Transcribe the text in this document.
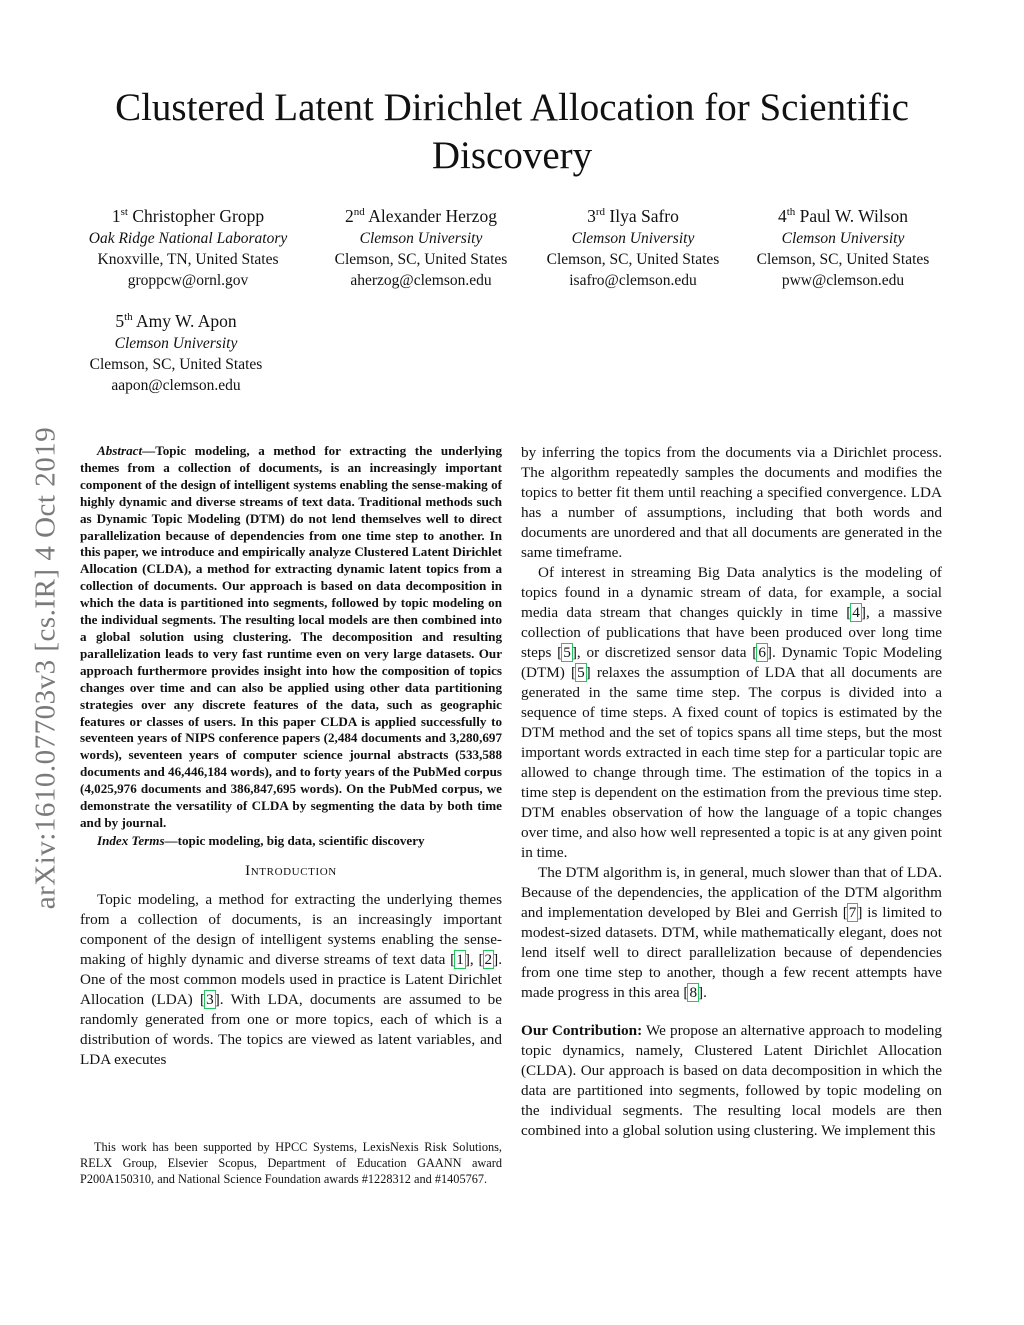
arXiv:1610.07703v3 [cs.IR] 4 Oct 2019
Clustered Latent Dirichlet Allocation for Scientific Discovery
1st Christopher Gropp
Oak Ridge National Laboratory
Knoxville, TN, United States
groppcw@ornl.gov
2nd Alexander Herzog
Clemson University
Clemson, SC, United States
aherzog@clemson.edu
3rd Ilya Safro
Clemson University
Clemson, SC, United States
isafro@clemson.edu
4th Paul W. Wilson
Clemson University
Clemson, SC, United States
pww@clemson.edu
5th Amy W. Apon
Clemson University
Clemson, SC, United States
aapon@clemson.edu

Abstract—Topic modeling, a method for extracting the underlying themes from a collection of documents, is an increasingly important component of the design of intelligent systems enabling the sense-making of highly dynamic and diverse streams of text data. Traditional methods such as Dynamic Topic Modeling (DTM) do not lend themselves well to direct parallelization because of dependencies from one time step to another. In this paper, we introduce and empirically analyze Clustered Latent Dirichlet Allocation (CLDA), a method for extracting dynamic latent topics from a collection of documents. Our approach is based on data decomposition in which the data is partitioned into segments, followed by topic modeling on the individual segments. The resulting local models are then combined into a global solution using clustering. The decomposition and resulting parallelization leads to very fast runtime even on very large datasets. Our approach furthermore provides insight into how the composition of topics changes over time and can also be applied using other data partitioning strategies over any discrete features of the data, such as geographic features or classes of users. In this paper CLDA is applied successfully to seventeen years of NIPS conference papers (2,484 documents and 3,280,697 words), seventeen years of computer science journal abstracts (533,588 documents and 46,446,184 words), and to forty years of the PubMed corpus (4,025,976 documents and 386,847,695 words). On the PubMed corpus, we demonstrate the versatility of CLDA by segmenting the data by both time and by journal.

Index Terms—topic modeling, big data, scientific discovery

Introduction

Topic modeling, a method for extracting the underlying themes from a collection of documents, is an increasingly important component of the design of intelligent systems enabling the sense-making of highly dynamic and diverse streams of text data [1], [2]. One of the most common models used in practice is Latent Dirichlet Allocation (LDA) [3]. With LDA, documents are assumed to be randomly generated from one or more topics, each of which is a distribution of words. The topics are viewed as latent variables, and LDA executes

This work has been supported by HPCC Systems, LexisNexis Risk Solutions, RELX Group, Elsevier Scopus, Department of Education GAANN award P200A150310, and National Science Foundation awards #1228312 and #1405767.

by inferring the topics from the documents via a Dirichlet process. The algorithm repeatedly samples the documents and modifies the topics to better fit them until reaching a specified convergence. LDA has a number of assumptions, including that both words and documents are unordered and that all documents are generated in the same timeframe.

Of interest in streaming Big Data analytics is the modeling of topics found in a dynamic stream of data, for example, a social media data stream that changes quickly in time [4], a massive collection of publications that have been produced over long time steps [5], or discretized sensor data [6]. Dynamic Topic Modeling (DTM) [5] relaxes the assumption of LDA that all documents are generated in the same time step. The corpus is divided into a sequence of time steps. A fixed count of topics is estimated by the DTM method and the set of topics spans all time steps, but the most important words extracted in each time step for a particular topic are allowed to change through time. The estimation of the topics in a time step is dependent on the estimation from the previous time step. DTM enables observation of how the language of a topic changes over time, and also how well represented a topic is at any given point in time.

The DTM algorithm is, in general, much slower than that of LDA. Because of the dependencies, the application of the DTM algorithm and implementation developed by Blei and Gerrish [7] is limited to modest-sized datasets. DTM, while mathematically elegant, does not lend itself well to direct parallelization because of dependencies from one time step to another, though a few recent attempts have made progress in this area [8].

Our Contribution: We propose an alternative approach to modeling topic dynamics, namely, Clustered Latent Dirichlet Allocation (CLDA). Our approach is based on data decomposition in which the data are partitioned into segments, followed by topic modeling on the individual segments. The resulting local models are then combined into a global solution using clustering. We implement this
